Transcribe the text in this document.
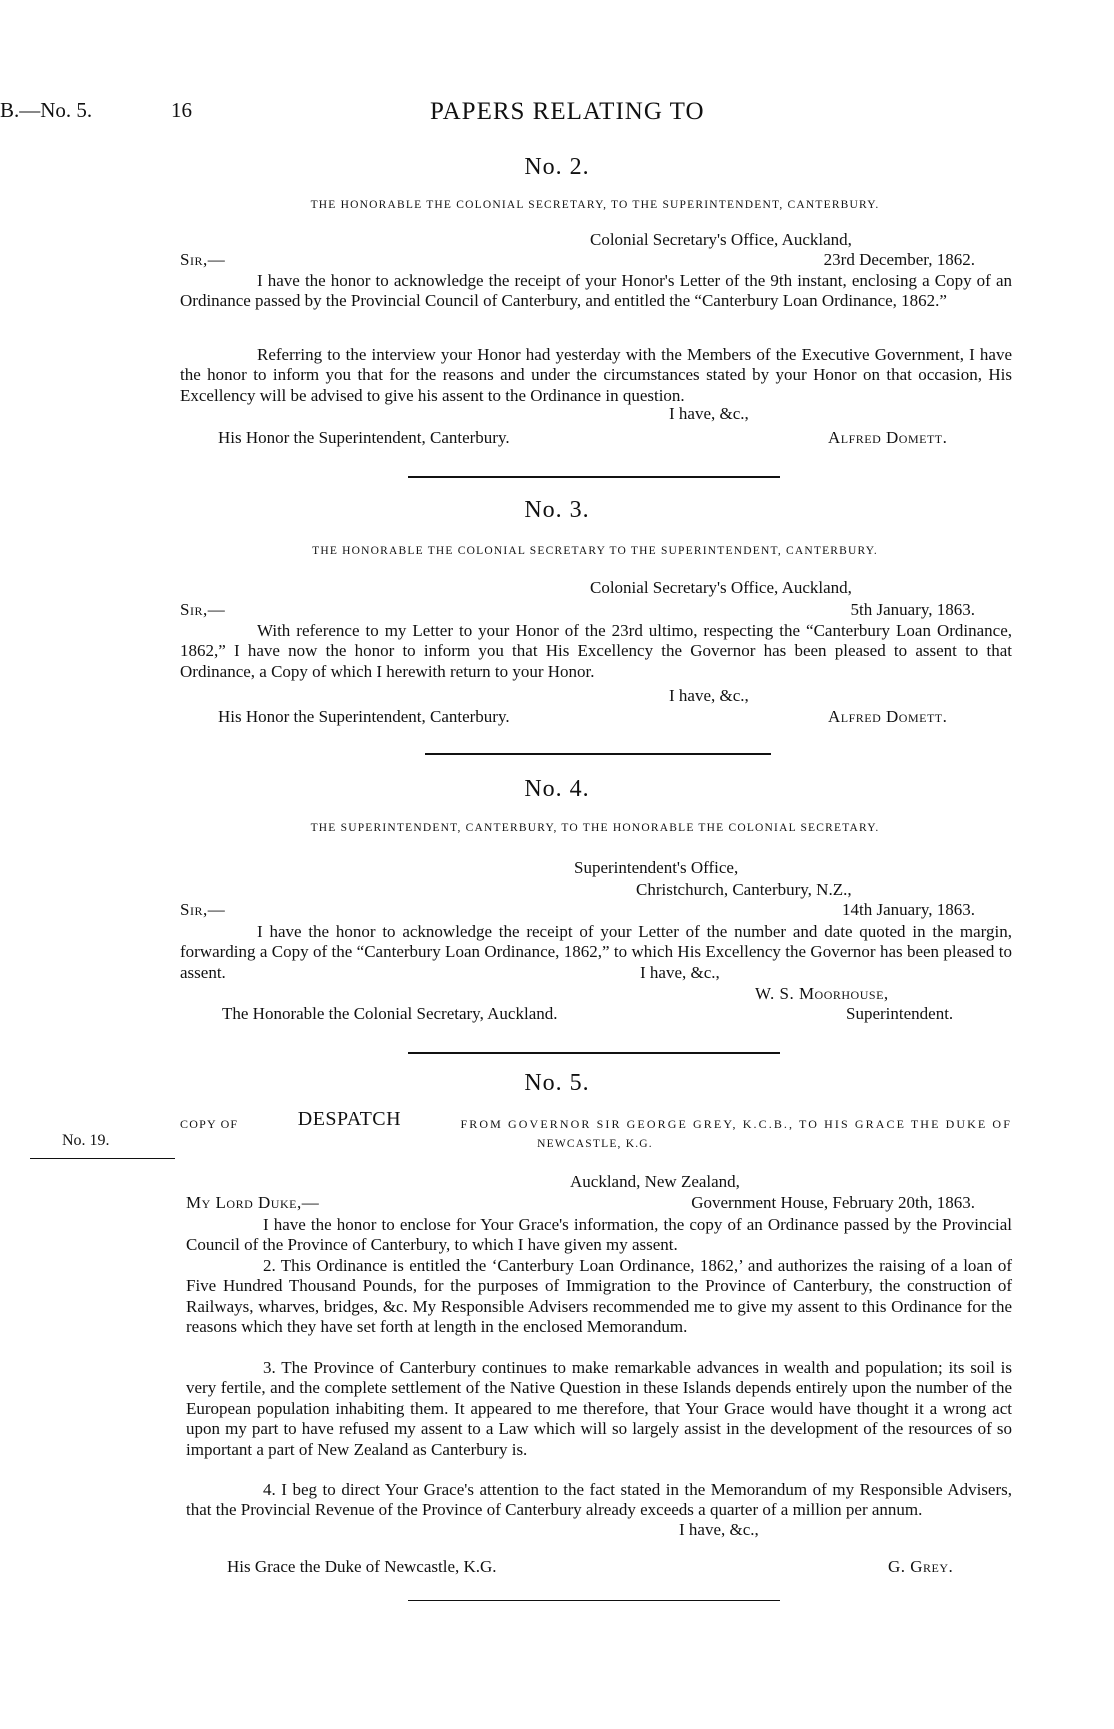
B.—No. 5.	16	PAPERS RELATING TO
No. 2.
THE HONORABLE THE COLONIAL SECRETARY, TO THE SUPERINTENDENT, CANTERBURY.
Colonial Secretary's Office, Auckland,
Sir,—	23rd December, 1862.
I have the honor to acknowledge the receipt of your Honor's Letter of the 9th instant, enclosing a Copy of an Ordinance passed by the Provincial Council of Canterbury, and entitled the “Canterbury Loan Ordinance, 1862.”
Referring to the interview your Honor had yesterday with the Members of the Executive Government, I have the honor to inform you that for the reasons and under the circumstances stated by your Honor on that occasion, His Excellency will be advised to give his assent to the Ordinance in question.
I have, &c.,
His Honor the Superintendent, Canterbury.	Alfred Domett.
No. 3.
THE HONORABLE THE COLONIAL SECRETARY TO THE SUPERINTENDENT, CANTERBURY.
Colonial Secretary's Office, Auckland,
Sir,—	5th January, 1863.
With reference to my Letter to your Honor of the 23rd ultimo, respecting the “Canterbury Loan Ordinance, 1862,” I have now the honor to inform you that His Excellency the Governor has been pleased to assent to that Ordinance, a Copy of which I herewith return to your Honor.
I have, &c.,
His Honor the Superintendent, Canterbury.	Alfred Domett.
No. 4.
THE SUPERINTENDENT, CANTERBURY, TO THE HONORABLE THE COLONIAL SECRETARY.
Superintendent's Office,
Christchurch, Canterbury, N.Z.,
Sir,—	14th January, 1863.
I have the honor to acknowledge the receipt of your Letter of the number and date quoted in the margin, forwarding a Copy of the “Canterbury Loan Ordinance, 1862,” to which His Excellency the Governor has been pleased to assent.	I have, &c.,
W. S. Moorhouse,
The Honorable the Colonial Secretary, Auckland.	Superintendent.
No. 5.
COPY OF	DESPATCH	FROM GOVERNOR SIR GEORGE GREY, K.C.B., TO HIS GRACE THE DUKE OF
NEWCASTLE, K.G.
No. 19.
Auckland, New Zealand,
My Lord Duke,—	Government House, February 20th, 1863.
I have the honor to enclose for Your Grace's information, the copy of an Ordinance passed by the Provincial Council of the Province of Canterbury, to which I have given my assent.
2. This Ordinance is entitled the ‘Canterbury Loan Ordinance, 1862,’ and authorizes the raising of a loan of Five Hundred Thousand Pounds, for the purposes of Immigration to the Province of Canterbury, the construction of Railways, wharves, bridges, &c. My Responsible Advisers recommended me to give my assent to this Ordinance for the reasons which they have set forth at length in the enclosed Memorandum.
3. The Province of Canterbury continues to make remarkable advances in wealth and population; its soil is very fertile, and the complete settlement of the Native Question in these Islands depends entirely upon the number of the European population inhabiting them. It appeared to me therefore, that Your Grace would have thought it a wrong act upon my part to have refused my assent to a Law which will so largely assist in the development of the resources of so important a part of New Zealand as Canterbury is.
4. I beg to direct Your Grace's attention to the fact stated in the Memorandum of my Responsible Advisers, that the Provincial Revenue of the Province of Canterbury already exceeds a quarter of a million per annum.
I have, &c.,
His Grace the Duke of Newcastle, K.G.	G. Grey.
